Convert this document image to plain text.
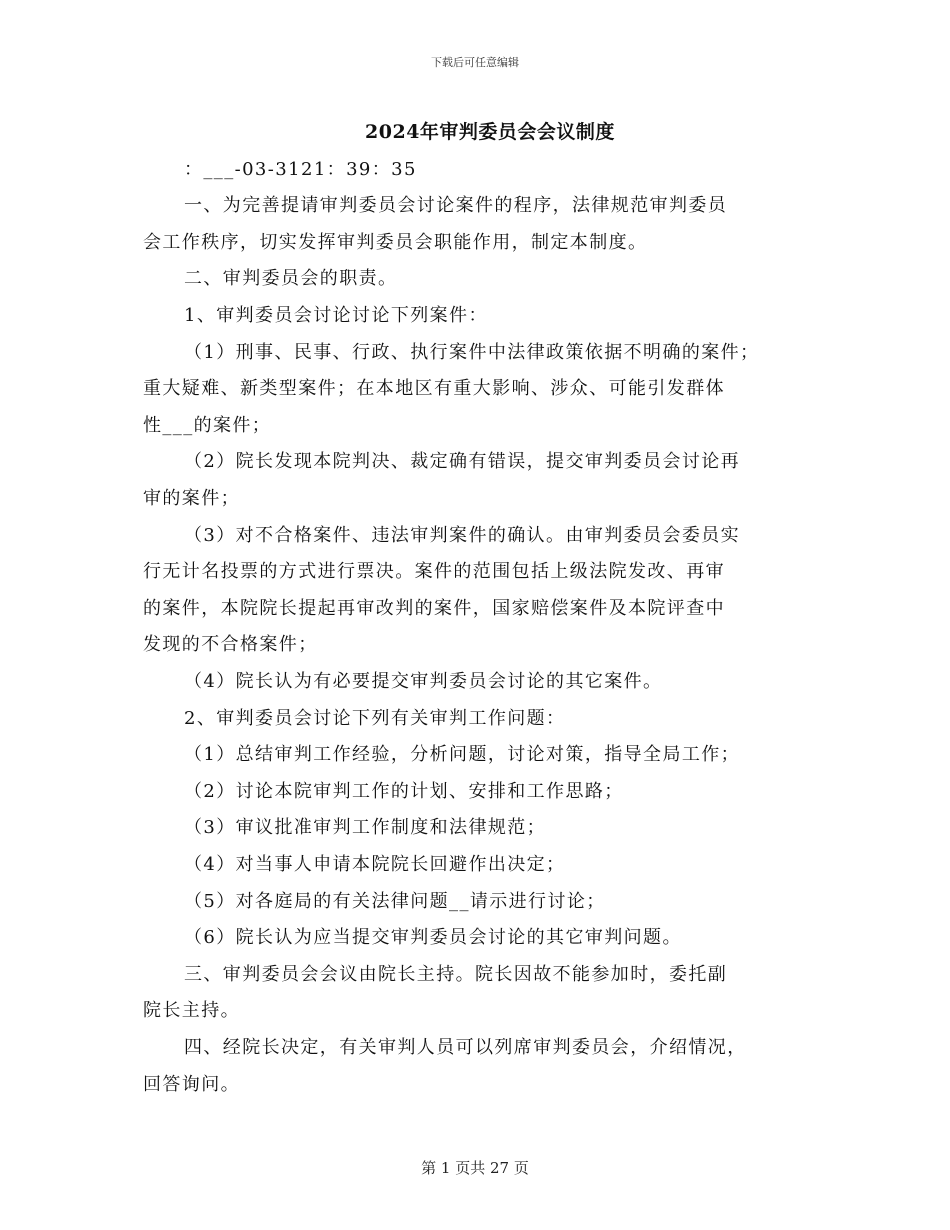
下载后可任意编辑
2024年审判委员会会议制度
：___-03-3121：39：35
一、为完善提请审判委员会讨论案件的程序，法律规范审判委员
会工作秩序，切实发挥审判委员会职能作用，制定本制度。
二、审判委员会的职责。
1、审判委员会讨论讨论下列案件：
（1）刑事、民事、行政、执行案件中法律政策依据不明确的案件；
重大疑难、新类型案件；在本地区有重大影响、涉众、可能引发群体
性___的案件；
（2）院长发现本院判决、裁定确有错误，提交审判委员会讨论再
审的案件；
（3）对不合格案件、违法审判案件的确认。由审判委员会委员实
行无计名投票的方式进行票决。案件的范围包括上级法院发改、再审
的案件，本院院长提起再审改判的案件，国家赔偿案件及本院评查中
发现的不合格案件；
（4）院长认为有必要提交审判委员会讨论的其它案件。
2、审判委员会讨论下列有关审判工作问题：
（1）总结审判工作经验，分析问题，讨论对策，指导全局工作；
（2）讨论本院审判工作的计划、安排和工作思路；
（3）审议批准审判工作制度和法律规范；
（4）对当事人申请本院院长回避作出决定；
（5）对各庭局的有关法律问题__请示进行讨论；
（6）院长认为应当提交审判委员会讨论的其它审判问题。
三、审判委员会会议由院长主持。院长因故不能参加时，委托副
院长主持。
四、经院长决定，有关审判人员可以列席审判委员会，介绍情况，
回答询问。
第 1 页共 27 页
